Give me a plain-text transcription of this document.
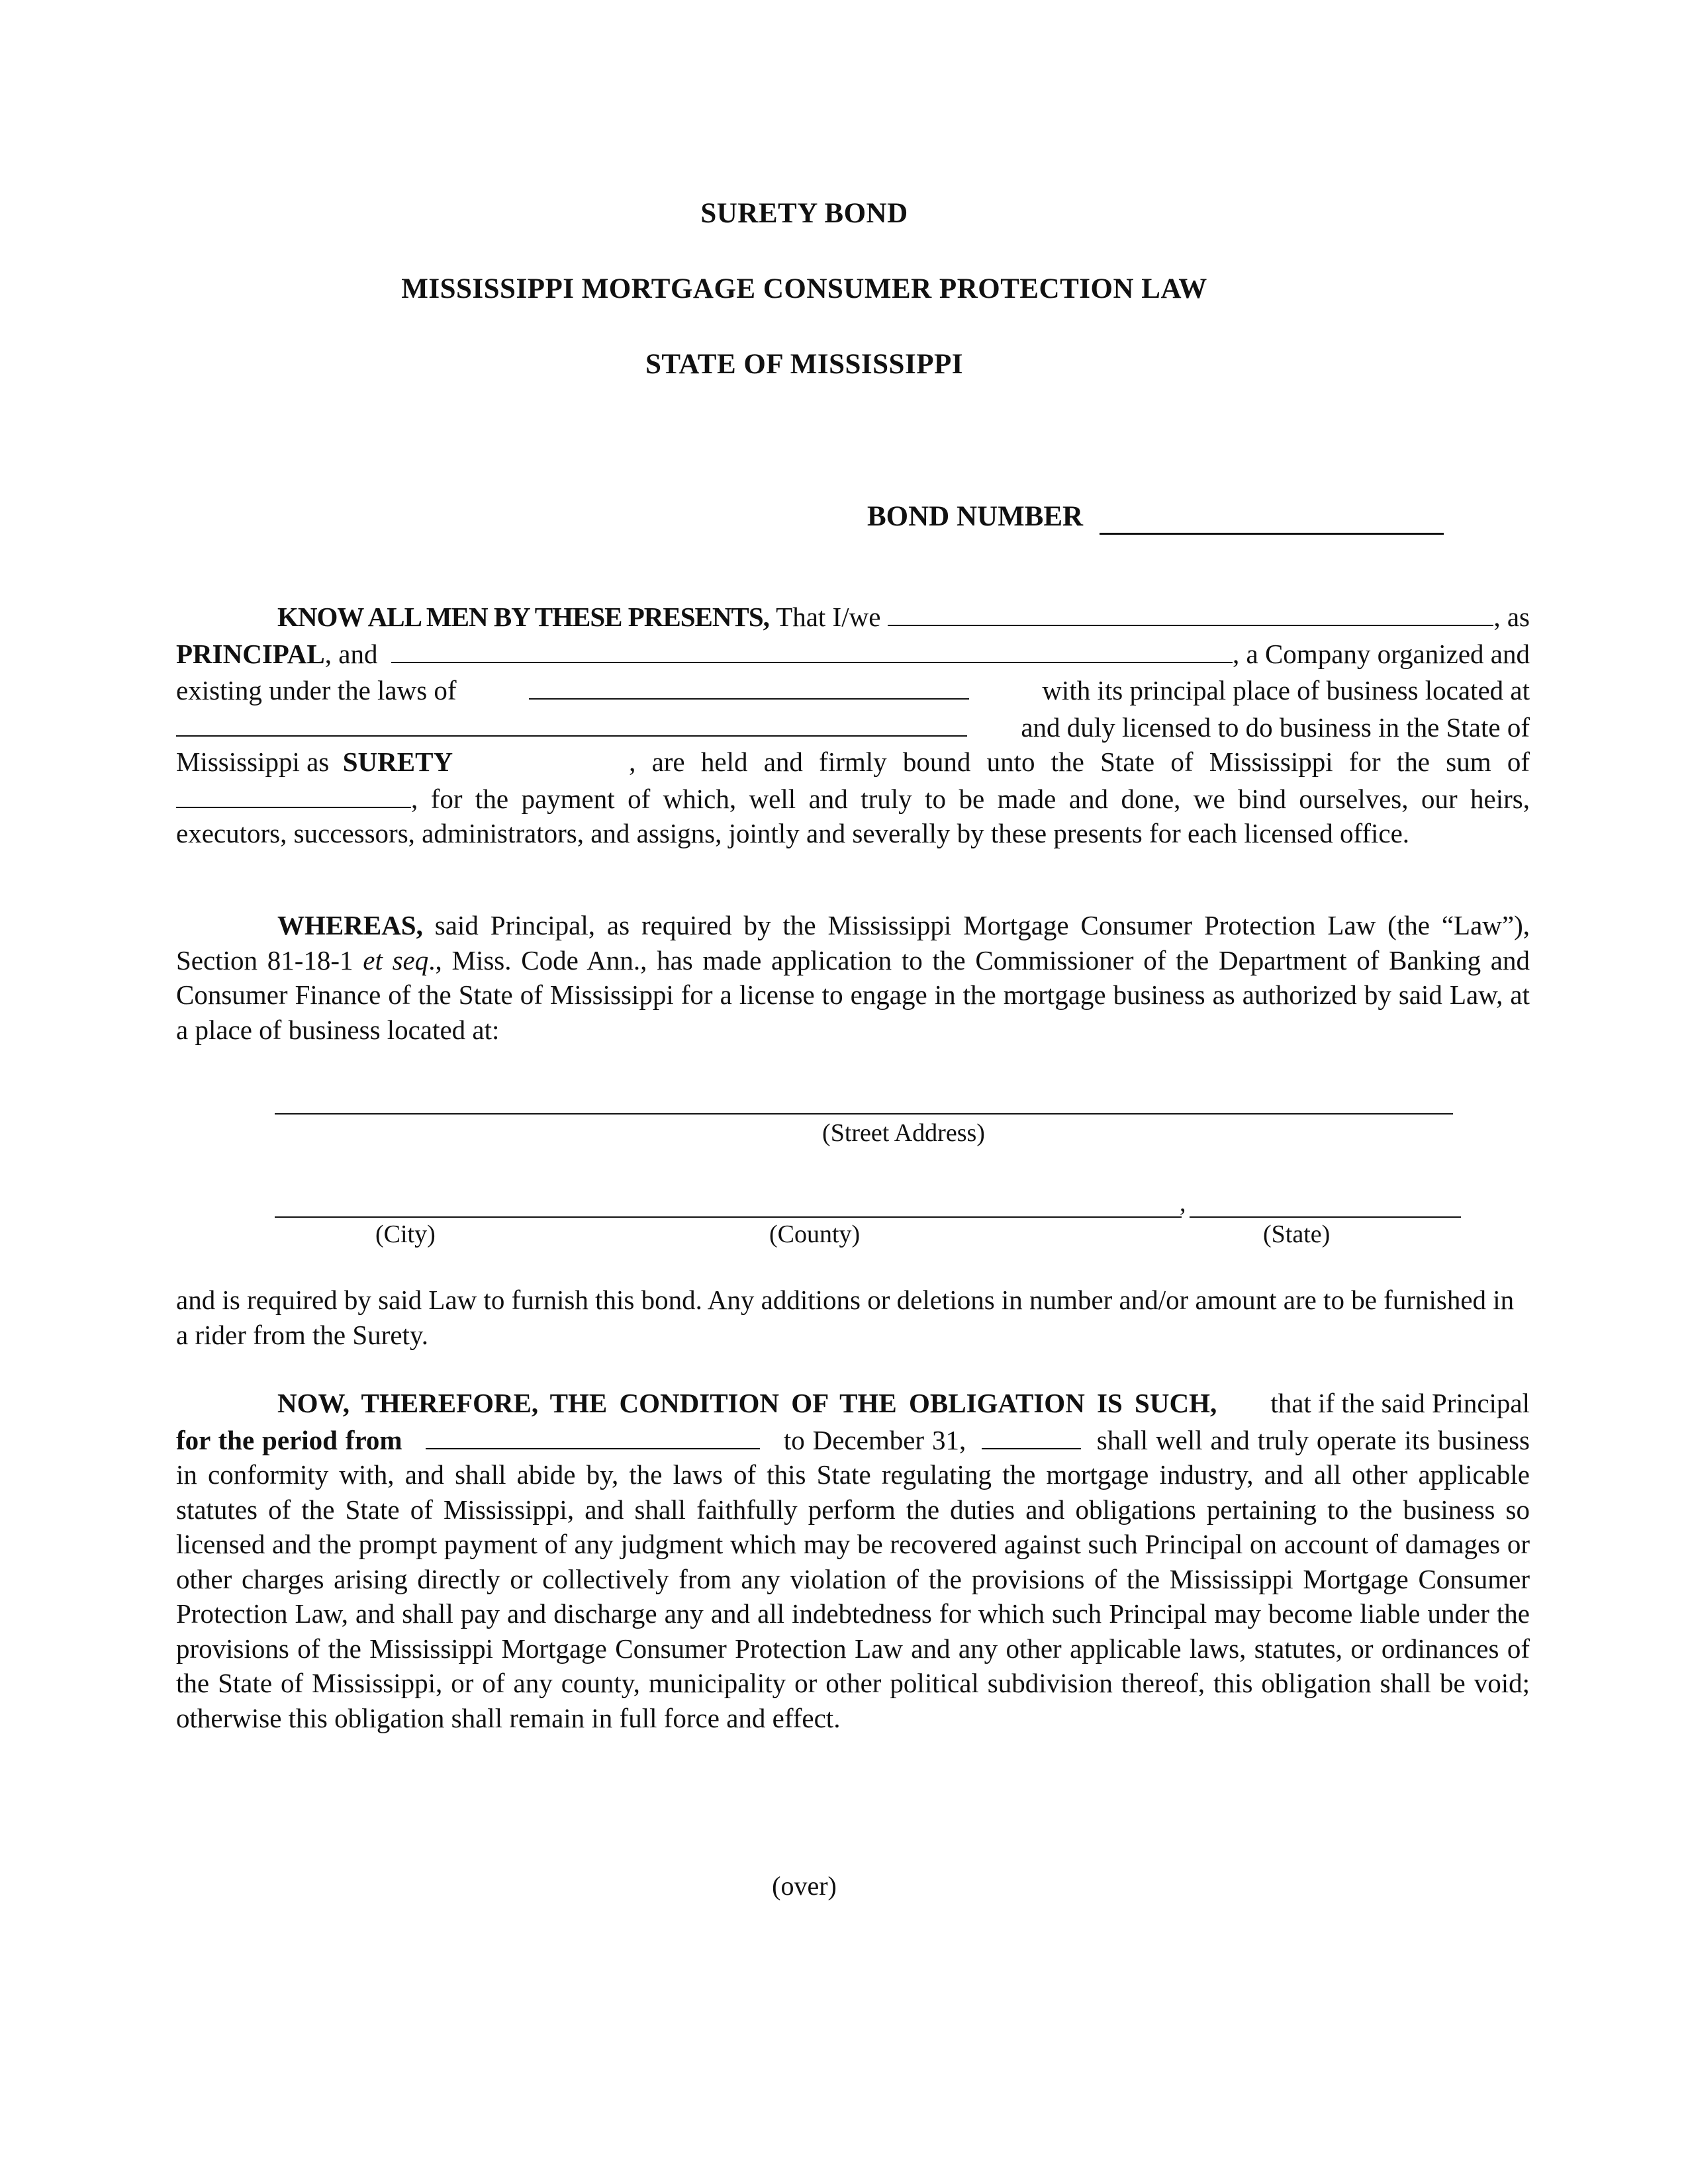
SURETY BOND
MISSISSIPPI MORTGAGE CONSUMER PROTECTION LAW
STATE OF MISSISSIPPI
BOND NUMBER
KNOW ALL MEN BY THESE PRESENTS,
That I/we
	, as
PRINCIPAL , and
	, a Company organized and
existing under the laws of	with its principal place of business located at
and duly licensed to do business in the State of
Mississippi as SURETY	, are held and firmly bound unto the State of Mississippi for the sum of

, for the payment of which, well and truly to be made and done, we bind ourselves, our heirs, executors, successors, administrators, and assigns, jointly and severally by these presents for each licensed office.

WHEREAS, said Principal, as required by the Mississippi Mortgage Consumer Protection Law (the “Law”), Section 81-18-1 et seq., Miss. Code Ann., has made application to the Commissioner of the Department of Banking and Consumer Finance of the State of Mississippi for a license to engage in the mortgage business as authorized by said Law, at a place of business located at:

(Street Address)
,
(City)	(County)	(State)

and is required by said Law to furnish this bond. Any additions or deletions in number and/or amount are to be furnished in a rider from the Surety.

NOW, THEREFORE, THE CONDITION OF THE OBLIGATION IS SUCH,	that if the said Principal

for the period from	to December 31,	shall well and truly operate its business in conformity with, and shall abide by, the laws of this State regulating the mortgage industry, and all other applicable statutes of the State of Mississippi, and shall faithfully perform the duties and obligations pertaining to the business so licensed and the prompt payment of any judgment which may be recovered against such Principal on account of damages or other charges arising directly or collectively from any violation of the provisions of the Mississippi Mortgage Consumer Protection Law, and shall pay and discharge any and all indebtedness for which such Principal may become liable under the provisions of the Mississippi Mortgage Consumer Protection Law and any other applicable laws, statutes, or ordinances of the State of Mississippi, or of any county, municipality or other political subdivision thereof, this obligation shall be void; otherwise this obligation shall remain in full force and effect.

(over)
